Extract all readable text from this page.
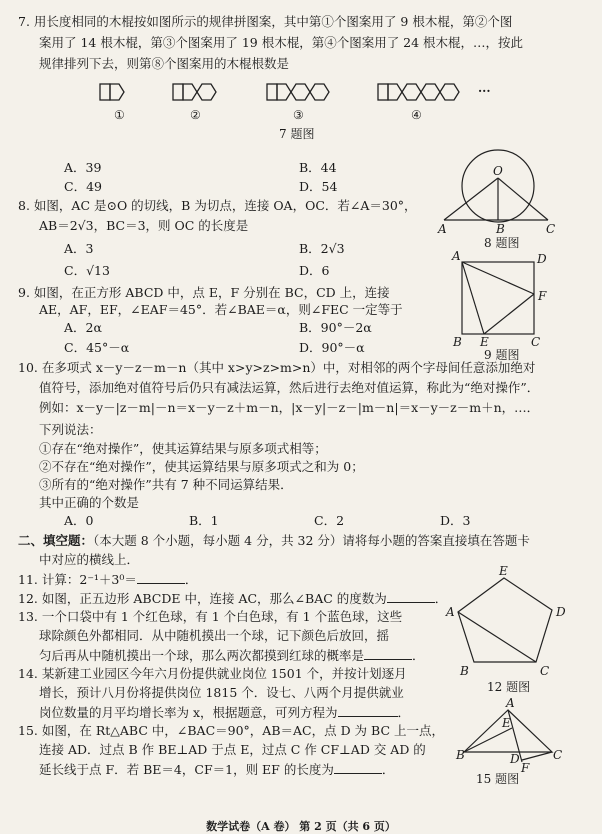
7. 用长度相同的木棍按如图所示的规律拼图案，其中第①个图案用了 9 根木棍，第②个图
案用了 14 根木棍，第③个图案用了 19 根木棍，第④个图案用了 24 根木棍，…，按此
规律排列下去，则第⑧个图案用的木棍根数是
···
①	②	③	④
7 题图
A．39	B．44
C．49	D．54
8. 如图，AC 是⊙O 的切线，B 为切点，连接 OA，OC．若∠A＝30°，
AB＝2√3，BC＝3，则 OC 的长度是
A．3	B．2√3
C．√13	D．6
O
A	B	C
8 题图
9. 如图，在正方形 ABCD 中，点 E，F 分别在 BC，CD 上，连接
AE，AF，EF，∠EAF＝45°．若∠BAE＝α，则∠FEC 一定等于
A．2α	B．90°－2α
C．45°－α	D．90°－α
A	D
F
B E	C
9 题图
10. 在多项式 x－y－z－m－n（其中 x>y>z>m>n）中，对相邻的两个字母间任意添加绝对
值符号，添加绝对值符号后仍只有减法运算，然后进行去绝对值运算，称此为“绝对操作”．
例如：x－y－|z－m|－n＝x－y－z＋m－n，|x－y|－z－|m－n|＝x－y－z－m＋n，…．
下列说法：
①存在“绝对操作”，使其运算结果与原多项式相等；
②不存在“绝对操作”，使其运算结果与原多项式之和为 0；
③所有的“绝对操作”共有 7 种不同运算结果．
其中正确的个数是
A．0	B．1	C．2	D．3
二、填空题：（本大题 8 个小题，每小题 4 分，共 32 分）请将每小题的答案直接填在答题卡
中对应的横线上．
11. 计算：2⁻¹＋3⁰＝	．
12. 如图，正五边形 ABCDE 中，连接 AC，那么∠BAC 的度数为	．
E
A	D
B	C
12 题图
13. 一个口袋中有 1 个红色球，有 1 个白色球，有 1 个蓝色球，这些
球除颜色外都相同．从中随机摸出一个球，记下颜色后放回，摇
匀后再从中随机摸出一个球，那么两次都摸到红球的概率是	．
14. 某新建工业园区今年六月份提供就业岗位 1501 个，并按计划逐月
增长，预计八月份将提供岗位 1815 个．设七、八两个月提供就业
岗位数量的月平均增长率为 x，根据题意，可列方程为	．
15. 如图，在 Rt△ABC 中，∠BAC＝90°，AB＝AC，点 D 为 BC 上一点，
连接 AD．过点 B 作 BE⊥AD 于点 E，过点 C 作 CF⊥AD 交 AD 的
延长线于点 F．若 BE＝4，CF＝1，则 EF 的长度为	．
A
E
B	D
F
C
15 题图
数学试卷（A 卷） 第 2 页（共 6 页）
